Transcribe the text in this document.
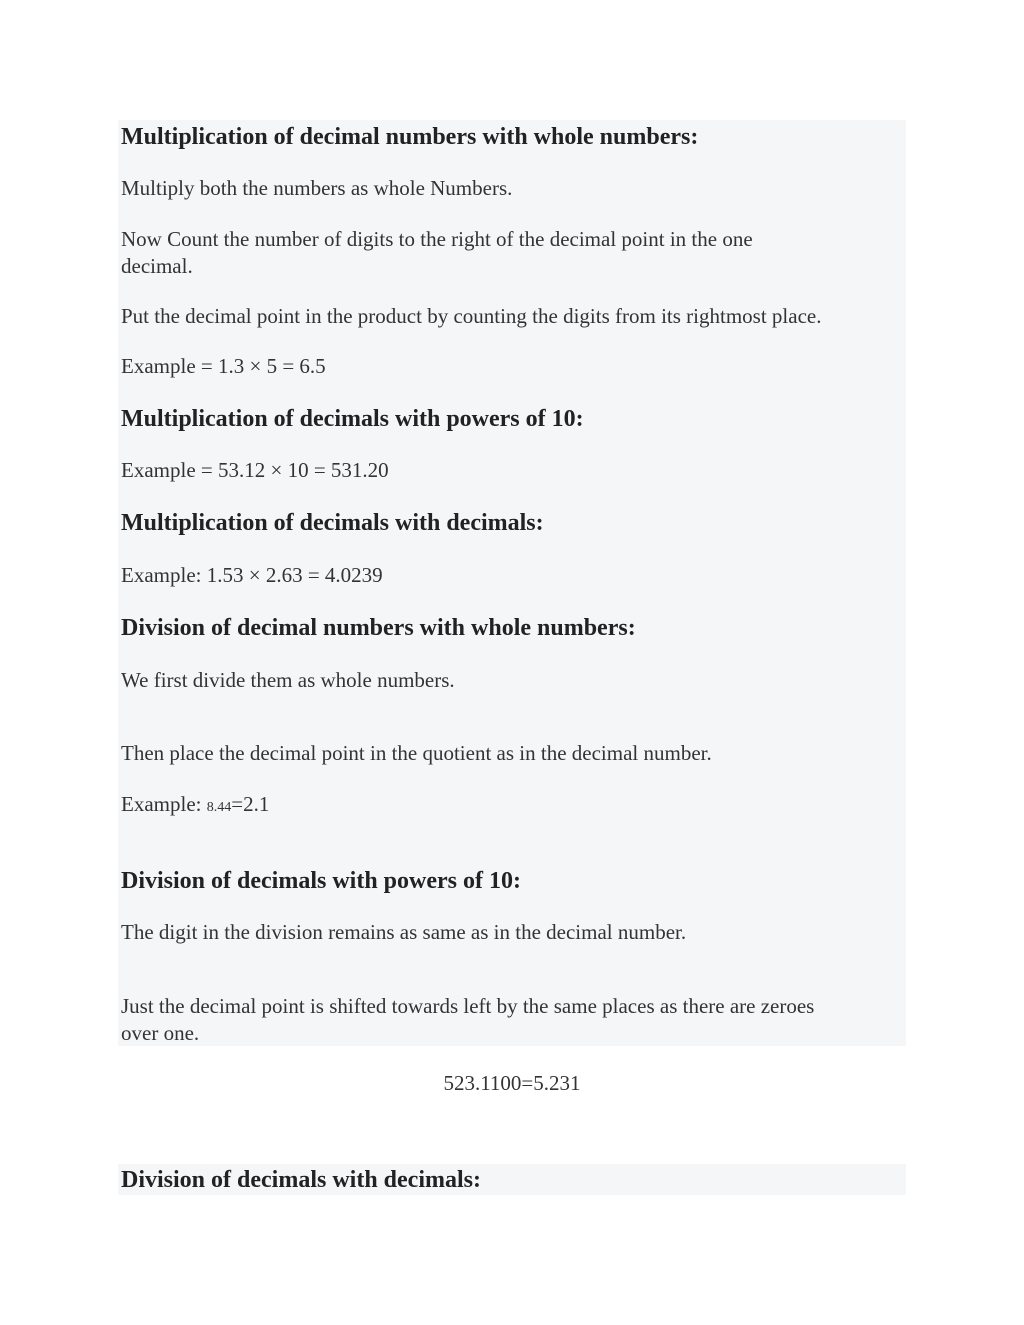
Multiplication of decimal numbers with whole numbers:

Multiply both the numbers as whole Numbers.

Now Count the number of digits to the right of the decimal point in the one

decimal.

Put the decimal point in the product by counting the digits from its rightmost place.

Example = 1.3 × 5 = 6.5

Multiplication of decimals with powers of 10:

Example = 53.12 × 10 = 531.20

Multiplication of decimals with decimals:

Example: 1.53 × 2.63 = 4.0239

Division of decimal numbers with whole numbers:

We first divide them as whole numbers.

Then place the decimal point in the quotient as in the decimal number.

Example: 8.44=2.1

Division of decimals with powers of 10:

The digit in the division remains as same as in the decimal number.

Just the decimal point is shifted towards left by the same places as there are zeroes

over one.

523.1100=5.231

Division of decimals with decimals:
